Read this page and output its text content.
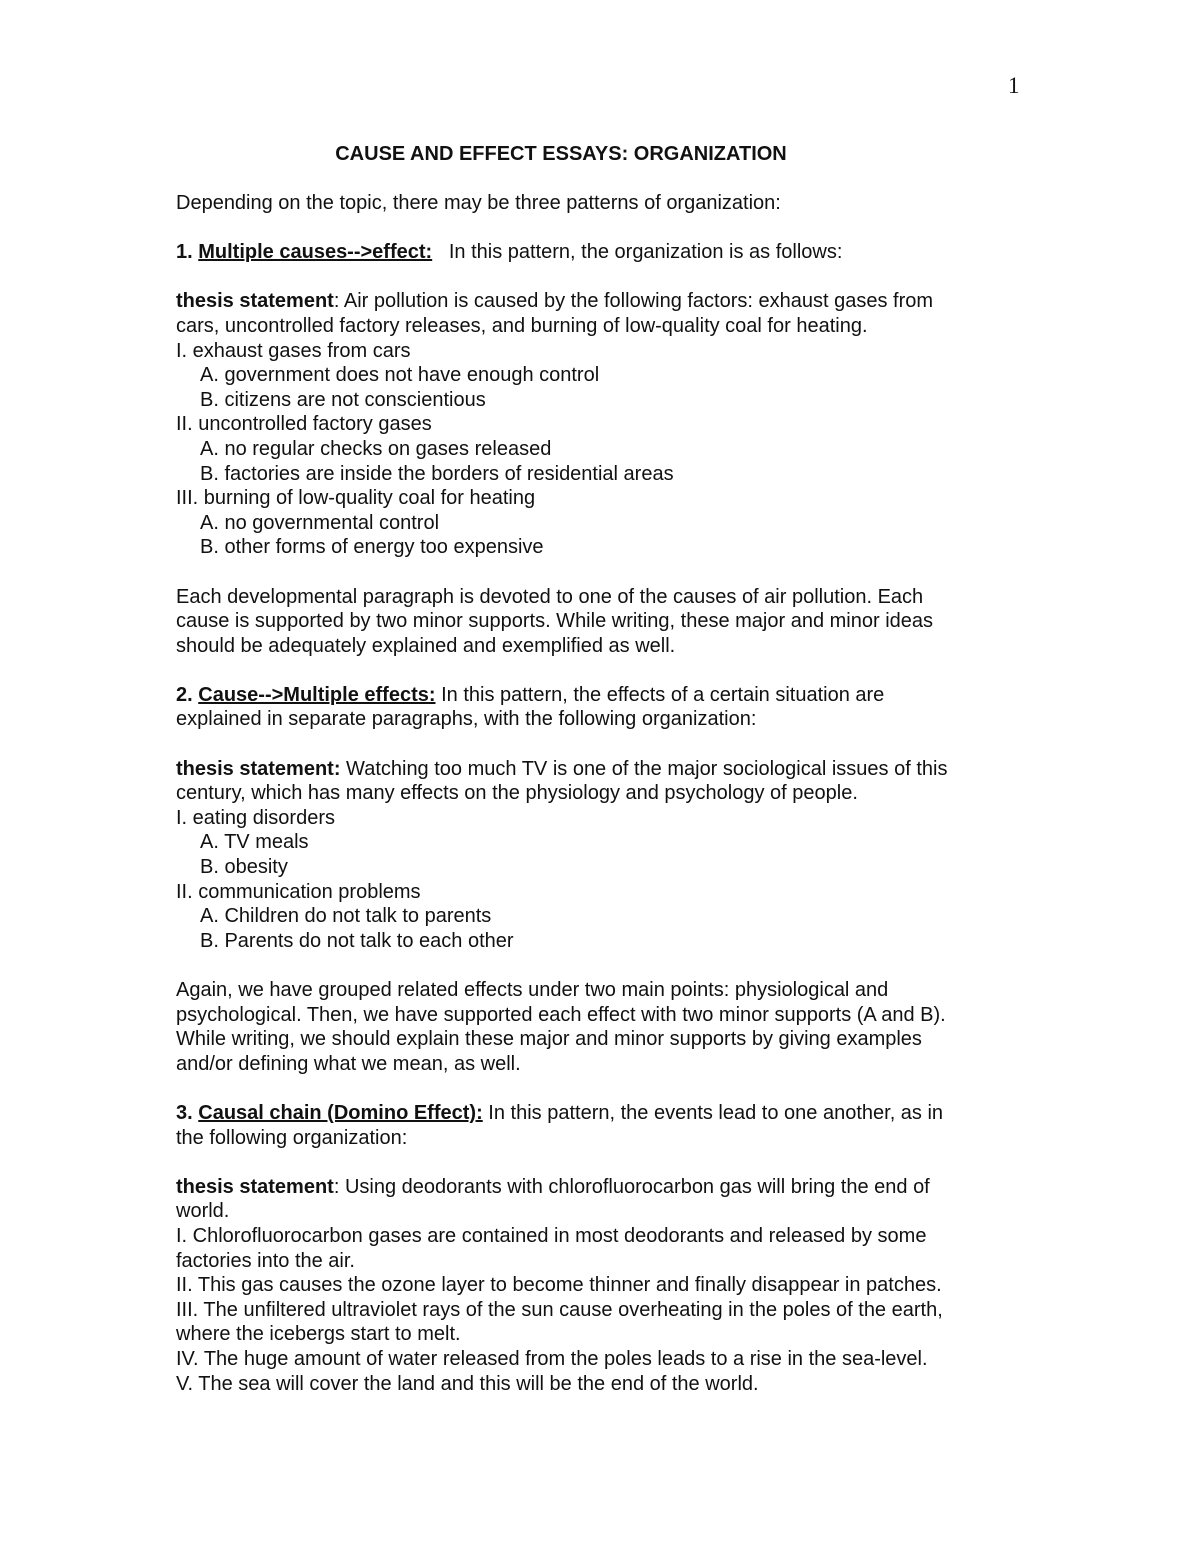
1
CAUSE AND EFFECT ESSAYS: ORGANIZATION
Depending on the topic, there may be three patterns of organization:
1. Multiple causes-->effect: In this pattern, the organization is as follows:
thesis statement: Air pollution is caused by the following factors: exhaust gases from
cars, uncontrolled factory releases, and burning of low-quality coal for heating.
I. exhaust gases from cars
A. government does not have enough control
B. citizens are not conscientious
II. uncontrolled factory gases
A. no regular checks on gases released
B. factories are inside the borders of residential areas
III. burning of low-quality coal for heating
A. no governmental control
B. other forms of energy too expensive
Each developmental paragraph is devoted to one of the causes of air pollution. Each
cause is supported by two minor supports. While writing, these major and minor ideas
should be adequately explained and exemplified as well.
2. Cause-->Multiple effects: In this pattern, the effects of a certain situation are
explained in separate paragraphs, with the following organization:
thesis statement: Watching too much TV is one of the major sociological issues of this
century, which has many effects on the physiology and psychology of people.
I. eating disorders
A. TV meals
B. obesity
II. communication problems
A. Children do not talk to parents
B. Parents do not talk to each other
Again, we have grouped related effects under two main points: physiological and
psychological. Then, we have supported each effect with two minor supports (A and B).
While writing, we should explain these major and minor supports by giving examples
and/or defining what we mean, as well.
3. Causal chain (Domino Effect): In this pattern, the events lead to one another, as in
the following organization:
thesis statement: Using deodorants with chlorofluorocarbon gas will bring the end of
world.
I. Chlorofluorocarbon gases are contained in most deodorants and released by some
factories into the air.
II. This gas causes the ozone layer to become thinner and finally disappear in patches.
III. The unfiltered ultraviolet rays of the sun cause overheating in the poles of the earth,
where the icebergs start to melt.
IV. The huge amount of water released from the poles leads to a rise in the sea-level.
V. The sea will cover the land and this will be the end of the world.
